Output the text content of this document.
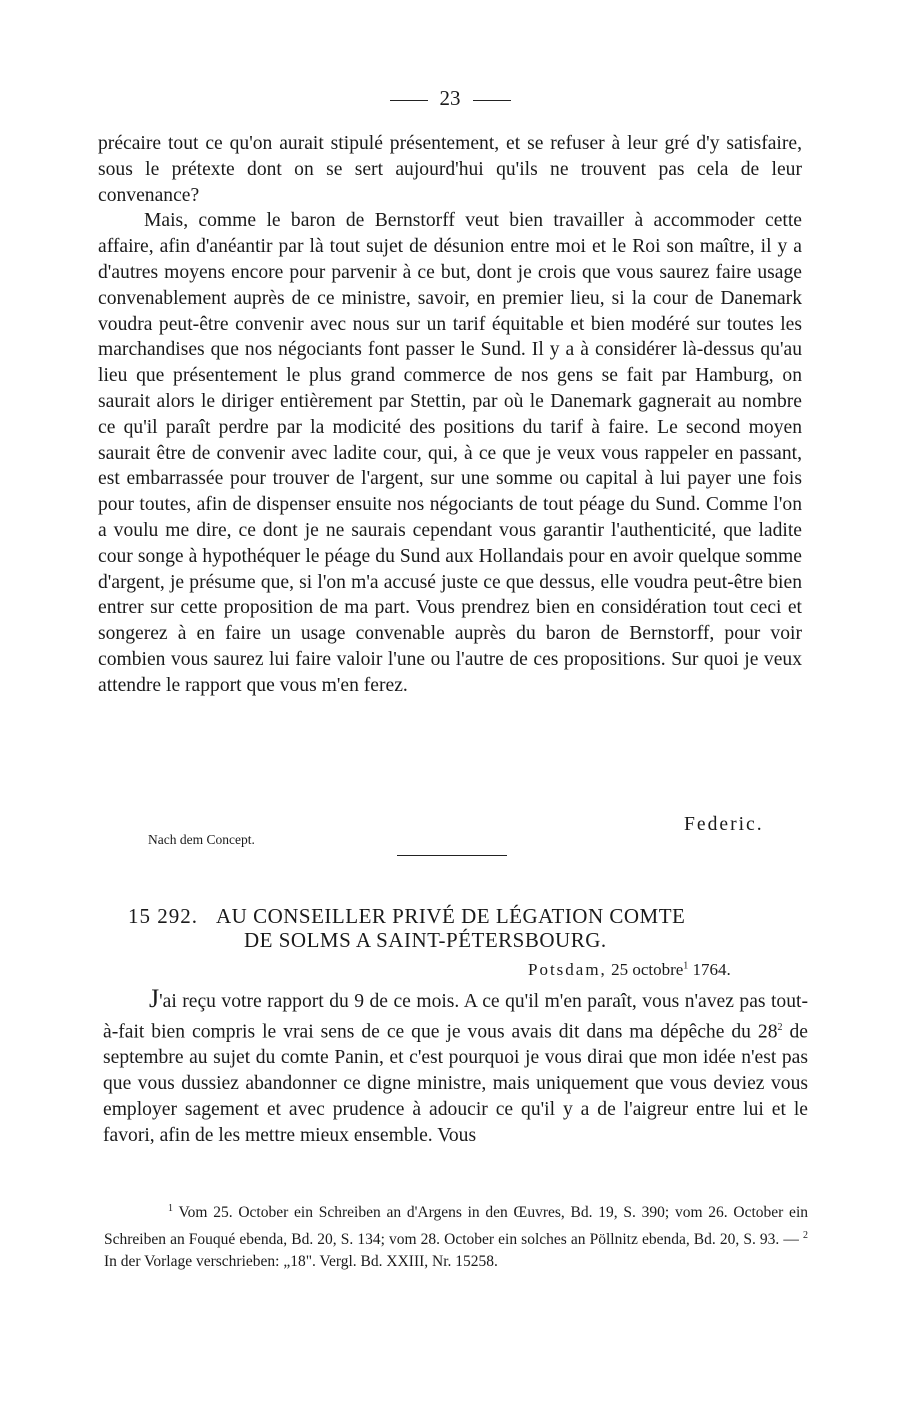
23

précaire tout ce qu'on aurait stipulé présentement, et se refuser à leur gré d'y satisfaire, sous le prétexte dont on se sert aujourd'hui qu'ils ne trouvent pas cela de leur convenance?

Mais, comme le baron de Bernstorff veut bien travailler à accommoder cette affaire, afin d'anéantir par là tout sujet de désunion entre moi et le Roi son maître, il y a d'autres moyens encore pour parvenir à ce but, dont je crois que vous saurez faire usage convenablement auprès de ce ministre, savoir, en premier lieu, si la cour de Danemark voudra peut-être convenir avec nous sur un tarif équitable et bien modéré sur toutes les marchandises que nos négociants font passer le Sund. Il y a à considérer là-dessus qu'au lieu que présentement le plus grand commerce de nos gens se fait par Hamburg, on saurait alors le diriger entièrement par Stettin, par où le Danemark gagnerait au nombre ce qu'il paraît perdre par la modicité des positions du tarif à faire. Le second moyen saurait être de convenir avec ladite cour, qui, à ce que je veux vous rappeler en passant, est embarrassée pour trouver de l'argent, sur une somme ou capital à lui payer une fois pour toutes, afin de dispenser ensuite nos négociants de tout péage du Sund. Comme l'on a voulu me dire, ce dont je ne saurais cependant vous garantir l'authenticité, que ladite cour songe à hypothéquer le péage du Sund aux Hollandais pour en avoir quelque somme d'argent, je présume que, si l'on m'a accusé juste ce que dessus, elle voudra peut-être bien entrer sur cette proposition de ma part. Vous prendrez bien en considération tout ceci et songerez à en faire un usage convenable auprès du baron de Bernstorff, pour voir combien vous saurez lui faire valoir l'une ou l'autre de ces propositions. Sur quoi je veux attendre le rapport que vous m'en ferez.

Federic.
Nach dem Concept.
15 292. AU CONSEILLER PRIVÉ DE LÉGATION COMTE
DE SOLMS A SAINT-PÉTERSBOURG.
Potsdam, 25 octobre$^1$ 1764.

J'ai reçu votre rapport du 9 de ce mois. A ce qu'il m'en paraît, vous n'avez pas tout-à-fait bien compris le vrai sens de ce que je vous avais dit dans ma dépêche du $28^2$ de septembre au sujet du comte Panin, et c'est pourquoi je vous dirai que mon idée n'est pas que vous dussiez abandonner ce digne ministre, mais uniquement que vous deviez vous employer sagement et avec prudence à adoucir ce qu'il y a de l'aigreur entre lui et le favori, afin de les mettre mieux ensemble. Vous

$^1$ Vom 25. October ein Schreiben an d'Argens in den Œuvres, Bd. 19, S. 390; vom 26. October ein Schreiben an Fouqué ebenda, Bd. 20, S. 134; vom 28. October ein solches an Pöllnitz ebenda, Bd. 20, S. 93. — $^2$ In der Vorlage verschrieben: „18". Vergl. Bd. XXIII, Nr. 15258.
